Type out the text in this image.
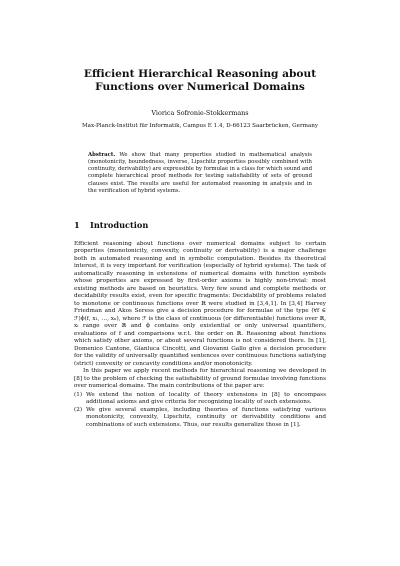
Efficient Hierarchical Reasoning about Functions over Numerical Domains
Viorica Sofronie-Stokkermans
Max-Planck-Institut für Informatik, Campus E 1.4, D-66123 Saarbrücken, Germany
Abstract. We show that many properties studied in mathematical analysis (monotonicity, boundedness, inverse, Lipschitz properties possibly combined with continuity, derivability) are expressible by formulae in a class for which sound and complete hierarchical proof methods for testing satisfiability of sets of ground clauses exist. The results are useful for automated reasoning in analysis and in the verification of hybrid systems.
1 Introduction

Efficient reasoning about functions over numerical domains subject to certain properties (monotonicity, convexity, continuity or derivability) is a major challenge both in automated reasoning and in symbolic computation. Besides its theoretical interest, it is very important for verification (especially of hybrid systems). The task of automatically reasoning in extensions of numerical domains with function symbols whose properties are expressed by first-order axioms is highly non-trivial: most existing methods are based on heuristics. Very few sound and complete methods or decidability results exist, even for specific fragments: Decidability of problems related to monotone or continuous functions over ℝ were studied in [3,4,1]. In [3,4] Harvey Friedman and Akos Seress give a decision procedure for formulae of the type (∀f ∈ ℱ)ϕ(f, x₁, …, xₙ), where ℱ is the class of continuous (or differentiable) functions over ℝ, xᵢ range over ℝ and ϕ contains only existential or only universal quantifiers, evaluations of f and comparisons w.r.t. the order on ℝ. Reasoning about functions which satisfy other axioms, or about several functions is not considered there. In [1], Domenico Cantone, Gianluca Cincotti, and Giovanni Gallo give a decision procedure for the validity of universally quantified sentences over continuous functions satisfying (strict) convexity or concavity conditions and/or monotonicity.

In this paper we apply recent methods for hierarchical reasoning we developed in [8] to the problem of checking the satisfiability of ground formulae involving functions over numerical domains. The main contributions of the paper are:

(1) We extend the notion of locality of theory extensions in [8] to encompass additional axioms and give criteria for recognizing locality of such extensions.
(2) We give several examples, including theories of functions satisfying various monotonicity, convexity, Lipschitz, continuity or derivability conditions and combinations of such extensions. Thus, our results generalize those in [1].
